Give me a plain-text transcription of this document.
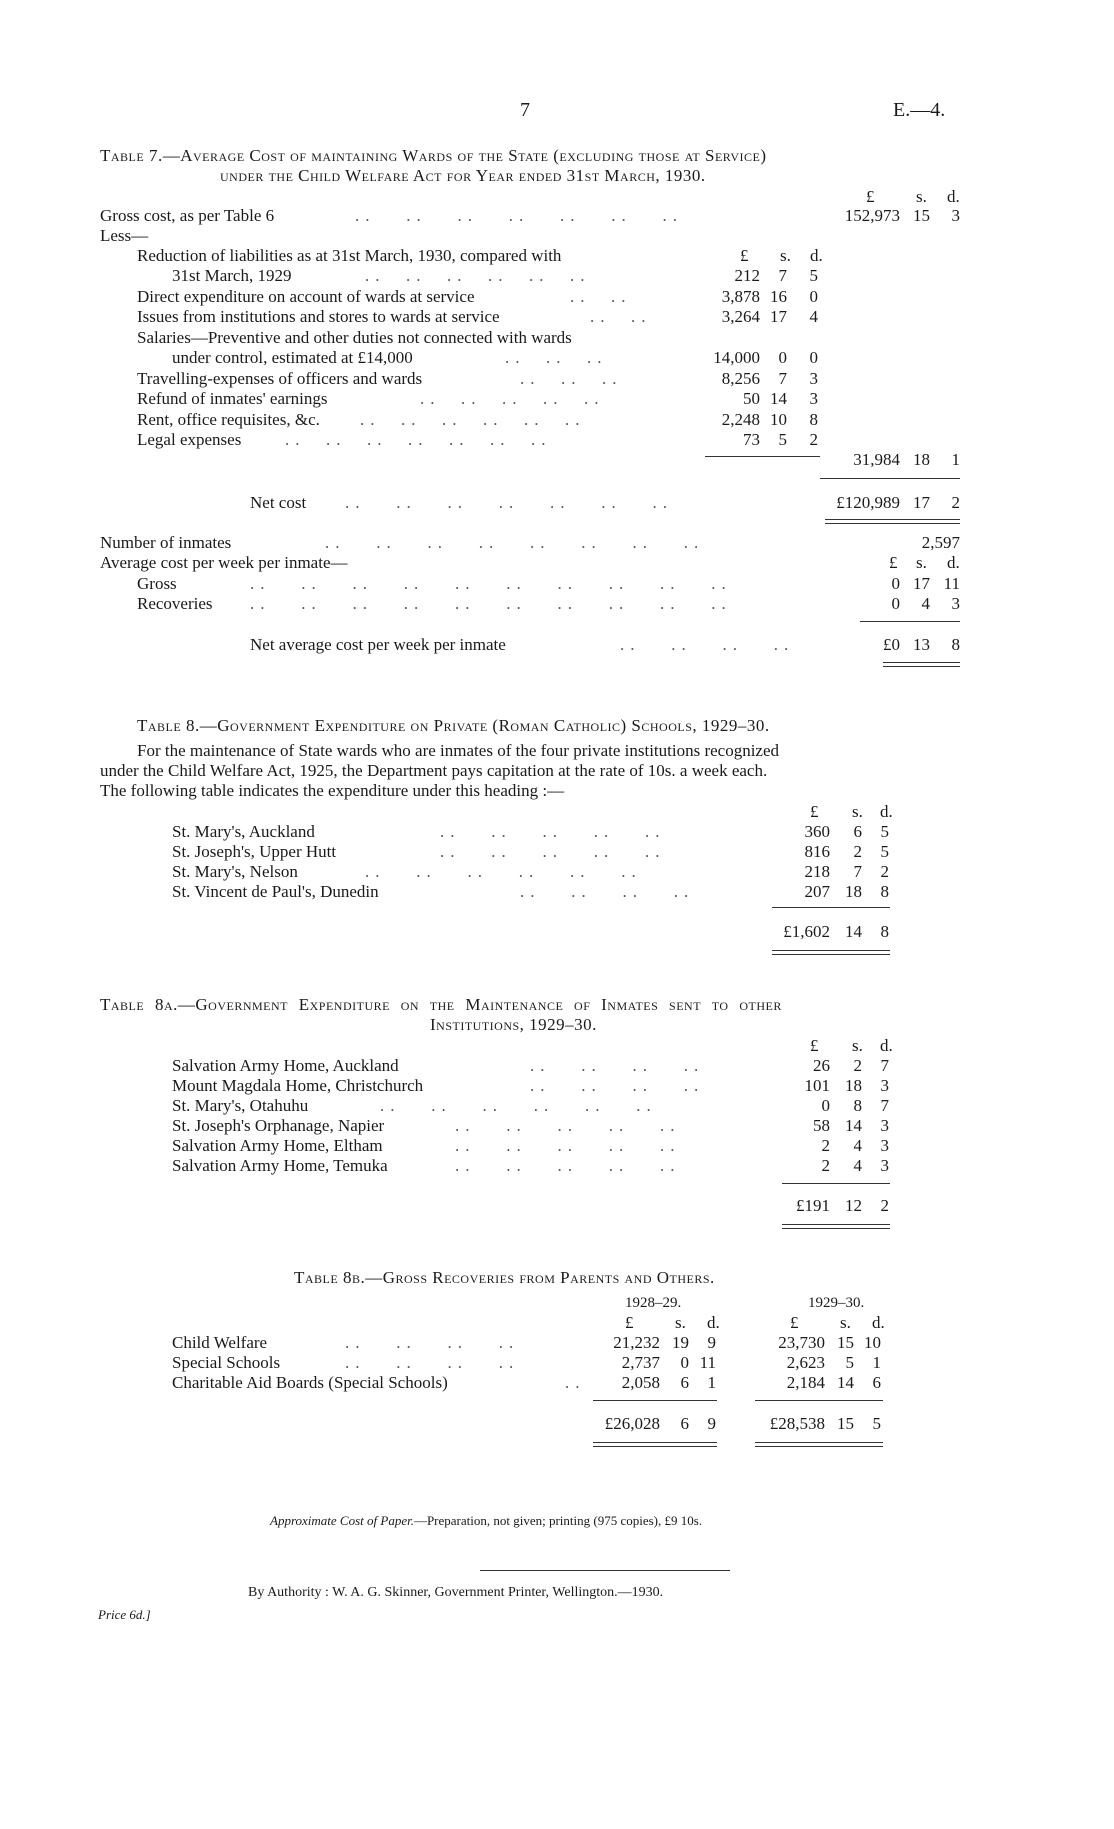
7	E.—4.
Table 7.—Average Cost of maintaining Wards of the State (excluding those at Service)
under the Child Welfare Act for Year ended 31st March, 1930.
£ s. d.
Gross cost, as per Table 6	..   ..   ..   ..   ..   ..   ..	152,973 15	3
Less—
£ s. d.
Reduction of liabilities as at 31st March, 1930, compared with
31st March, 1929	..  ..  ..  ..  ..  ..	212	7	5
Direct expenditure on account of wards at service	..  ..	3,878 16	0
Issues from institutions and stores to wards at service	..  ..	3,264 17	4
Salaries—Preventive and other duties not connected with wards
under control, estimated at £14,000	..  ..  ..	14,000	0	0
Travelling-expenses of officers and wards	..  ..  ..	8,256	7	3
Refund of inmates' earnings	..  ..  ..  ..  ..	50 14	3
Rent, office requisites, &c. ..  ..  ..  ..  ..  ..	2,248 10	8
Legal expenses	..  ..  ..  ..  ..  ..  ..	73	5	2
31,984 18	1
Net cost ..   ..   ..   ..   ..   ..   ..	£120,989 17	2
Number of inmates	..   ..   ..   ..   ..   ..   ..   ..	2,597
Average cost per week per inmate—	£ s. d.
Gross	..   ..   ..   ..   ..   ..   ..   ..   ..   ..	0 17 11
Recoveries ..   ..   ..   ..   ..   ..   ..   ..   ..   ..	0	4	3
Net average cost per week per inmate	..   ..   ..   ..	£0 13	8
Table 8.—Government Expenditure on Private (Roman Catholic) Schools, 1929–30.
For the maintenance of State wards who are inmates of the four private institutions recognized
under the Child Welfare Act, 1925, the Department pays capitation at the rate of 10s. a week each.
The following table indicates the expenditure under this heading :—
£ s. d.
St. Mary's, Auckland	..   ..   ..   ..   ..	360	6	5
St. Joseph's, Upper Hutt	..   ..   ..   ..   ..	816	2	5
St. Mary's, Nelson	..   ..   ..   ..   ..   ..	218	7	2
St. Vincent de Paul's, Dunedin	..   ..   ..   ..	207 18	8
£1,602 14	8
Table 8a.—Government Expenditure on the Maintenance of Inmates sent to other
Institutions, 1929–30.
£ s. d.
Salvation Army Home, Auckland	..   ..   ..   ..	26	2	7
Mount Magdala Home, Christchurch	..   ..   ..   ..	101 18	3
St. Mary's, Otahuhu	..   ..   ..   ..   ..   ..	0	8	7
St. Joseph's Orphanage, Napier	..   ..   ..   ..   ..	58 14	3
Salvation Army Home, Eltham	..   ..   ..   ..   ..	2	4	3
Salvation Army Home, Temuka	..   ..   ..   ..   ..	2	4	3
£191 12	2
Table 8b.—Gross Recoveries from Parents and Others.
1928–29.	1929–30.
£ s. d.	£ s. d.
Child Welfare	..   ..   ..   ..	21,232 19	9	23,730 15 10
Special Schools	..   ..   ..   ..	2,737	0 11	2,623	5	1
Charitable Aid Boards (Special Schools)	..	2,058	6	1	2,184 14	6
£26,028	6	9	£28,538 15	5
Approximate Cost of Paper.—Preparation, not given; printing (975 copies), £9 10s.
By Authority : W. A. G. Skinner, Government Printer, Wellington.—1930.
Price 6d.]
